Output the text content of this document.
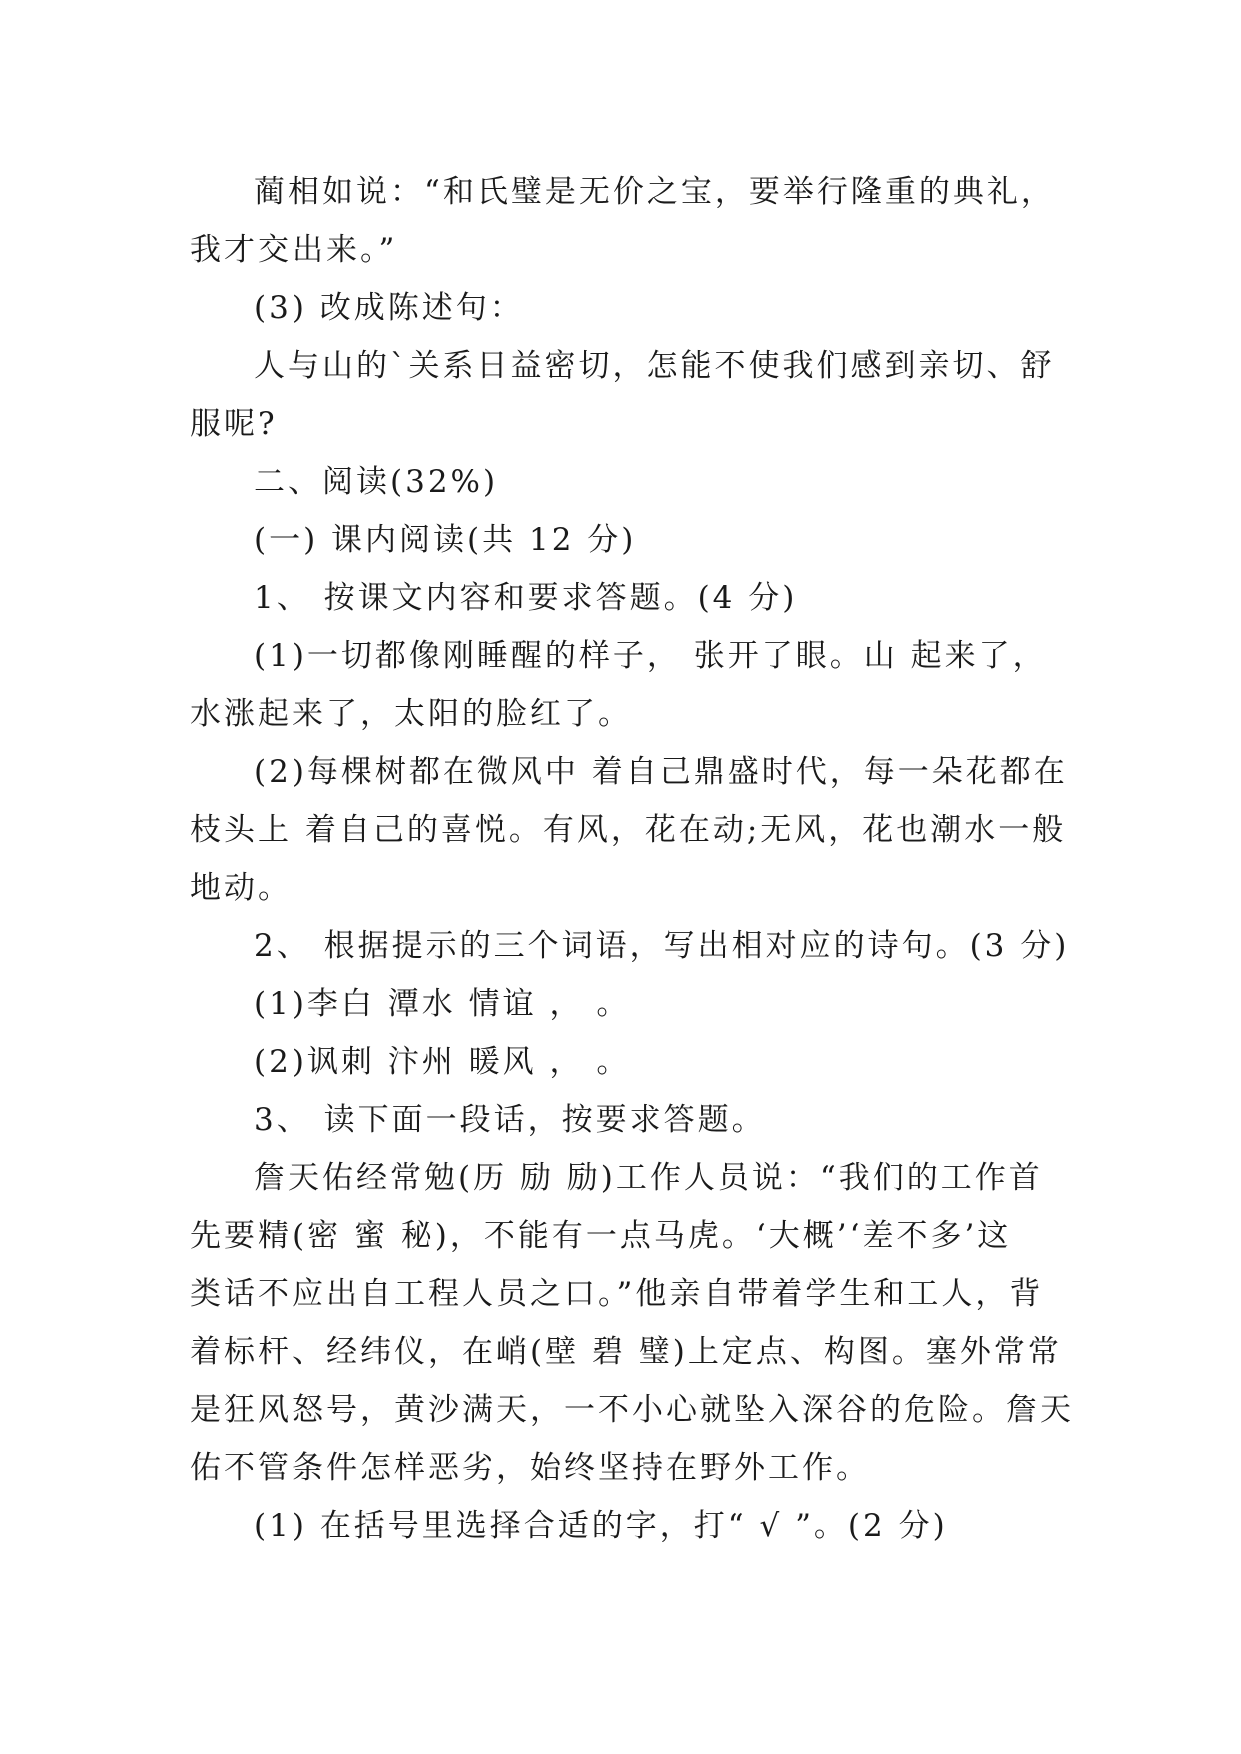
蔺相如说：“和氏璧是无价之宝，要举行隆重的典礼，
我才交出来。”
(3) 改成陈述句：
人与山的`关系日益密切，怎能不使我们感到亲切、舒
服呢?
二、阅读(32%)
(一) 课内阅读(共 12 分)
1、 按课文内容和要求答题。(4 分)
(1)一切都像刚睡醒的样子， 张开了眼。山 起来了，
水涨起来了，太阳的脸红了。
(2)每棵树都在微风中 着自己鼎盛时代，每一朵花都在
枝头上 着自己的喜悦。有风，花在动;无风，花也潮水一般
地动。
2、 根据提示的三个词语，写出相对应的诗句。(3 分)
(1)李白 潭水 情谊 ， 。
(2)讽刺 汴州 暖风 ， 。
3、 读下面一段话，按要求答题。
詹天佑经常勉(历 励 励)工作人员说：“我们的工作首
先要精(密 蜜 秘)，不能有一点马虎。‘大概’‘差不多’这
类话不应出自工程人员之口。”他亲自带着学生和工人，背
着标杆、经纬仪，在峭(壁 碧 璧)上定点、构图。塞外常常
是狂风怒号，黄沙满天，一不小心就坠入深谷的危险。詹天
佑不管条件怎样恶劣，始终坚持在野外工作。
(1) 在括号里选择合适的字，打“ √ ”。(2 分)
